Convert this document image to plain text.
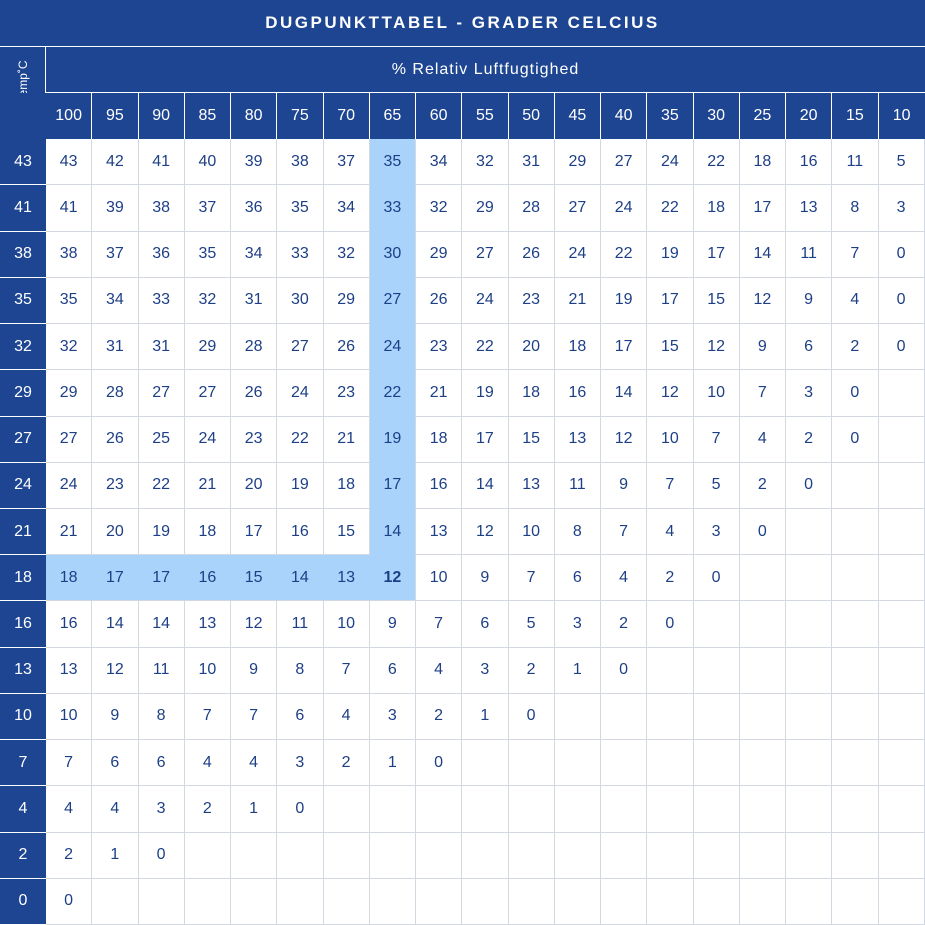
DUGPUNKTTABEL - GRADER CELCIUS
% Relativ Luftfugtighed
100	95	90	85	80	75	70	65	60	55	50	45	40	35	30	25	20	15	10
43	43	42	41	40	39	38	37	35	34	32	31	29	27	24	22	18	16	11	5
41	41	39	38	37	36	35	34	33	32	29	28	27	24	22	18	17	13	8	3
38	38	37	36	35	34	33	32	30	29	27	26	24	22	19	17	14	11	7	0
35	35	34	33	32	31	30	29	27	26	24	23	21	19	17	15	12	9	4	0
32	32	31	31	29	28	27	26	24	23	22	20	18	17	15	12	9	6	2	0
29	29	28	27	27	26	24	23	22	21	19	18	16	14	12	10	7	3	0
27	27	26	25	24	23	22	21	19	18	17	15	13	12	10	7	4	2	0
24	24	23	22	21	20	19	18	17	16	14	13	11	9	7	5	2	0
21	21	20	19	18	17	16	15	14	13	12	10	8	7	4	3	0
18	18	17	17	16	15	14	13	12	10	9	7	6	4	2	0
16	16	14	14	13	12	11	10	9	7	6	5	3	2	0
13	13	12	11	10	9	8	7	6	4	3	2	1	0
10	10	9	8	7	7	6	4	3	2	1	0
7	7	6	6	4	4	3	2	1	0
4	4	4	3	2	1	0
2	2	1	0
0	0
